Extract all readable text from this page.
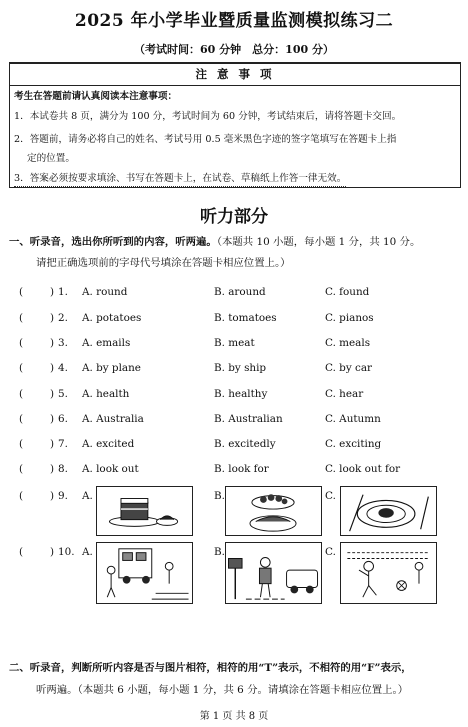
2025 年小学毕业暨质量监测模拟练习二
（考试时间：60 分钟　总分：100 分）
注 意 事 项
考生在答题前请认真阅读本注意事项：
1．本试卷共 8 页，满分为 100 分，考试时间为 60 分钟，考试结束后，请将答题卡交回。
2．答题前，请务必将自己的姓名、考试号用 0.5 毫米黑色字迹的签字笔填写在答题卡上指
定的位置。
3．答案必须按要求填涂、书写在答题卡上，在试卷、草稿纸上作答一律无效。
听力部分
一、听录音，选出你所听到的内容，听两遍。（本题共 10 小题，每小题 1 分，共 10 分。
请把正确选项前的字母代号填涂在答题卡相应位置上。）
(	) 1. A. round	B. around	C. found
(	) 2. A. potatoes	B. tomatoes	C. pianos
(	) 3. A. emails	B. meat	C. meals
(	) 4. A. by plane	B. by ship	C. by car
(	) 5. A. health	B. healthy	C. hear
(	) 6. A. Australia	B. Australian	C. Autumn
(	) 7. A. excited	B. excitedly	C. exciting
(	) 8. A. look out	B. look for	C. look out for
(	) 9. A.	B.	C.
(	) 10. A.	B.	C.
二、听录音，判断所听内容是否与图片相符，相符的用“T”表示，不相符的用“F”表示，
听两遍。（本题共 6 小题，每小题 1 分，共 6 分。请填涂在答题卡相应位置上。）
第 1 页 共 8 页
